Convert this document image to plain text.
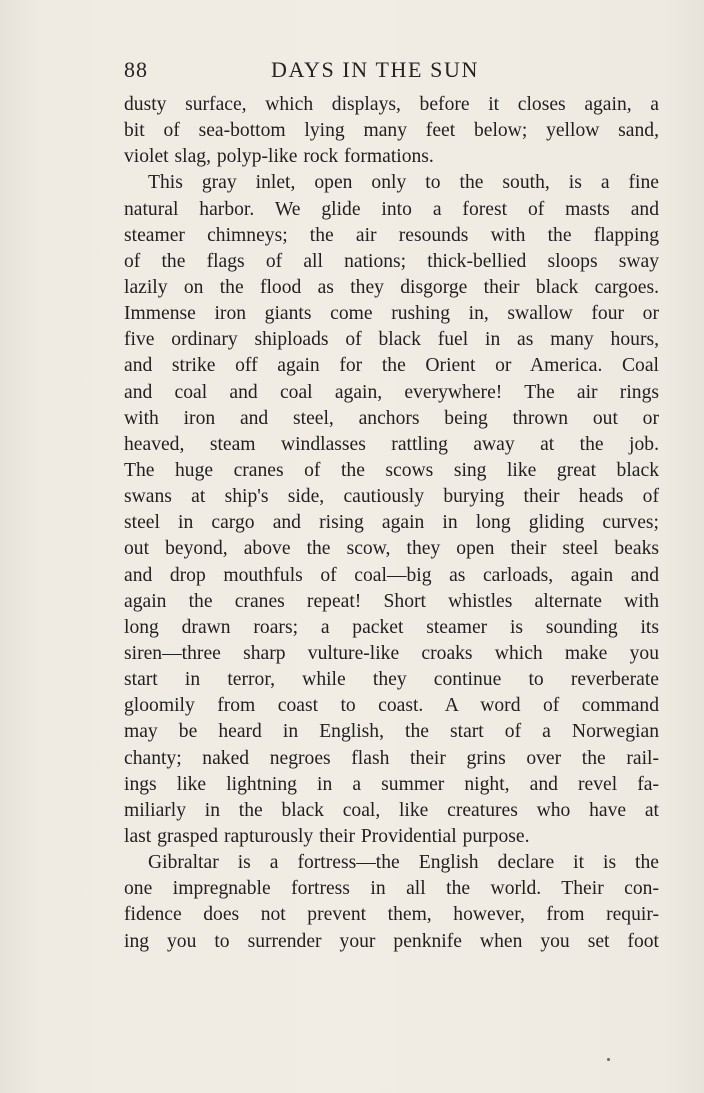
88	DAYS IN THE SUN
dusty surface, which displays, before it closes again, a
bit of sea-bottom lying many feet below; yellow sand,
violet slag, polyp-like rock formations.
This gray inlet, open only to the south, is a fine
natural harbor. We glide into a forest of masts and
steamer chimneys; the air resounds with the flapping
of the flags of all nations; thick-bellied sloops sway
lazily on the flood as they disgorge their black cargoes.
Immense iron giants come rushing in, swallow four or
five ordinary shiploads of black fuel in as many hours,
and strike off again for the Orient or America. Coal
and coal and coal again, everywhere! The air rings
with iron and steel, anchors being thrown out or
heaved, steam windlasses rattling away at the job.
The huge cranes of the scows sing like great black
swans at ship's side, cautiously burying their heads of
steel in cargo and rising again in long gliding curves;
out beyond, above the scow, they open their steel beaks
and drop mouthfuls of coal—big as carloads, again and
again the cranes repeat! Short whistles alternate with
long drawn roars; a packet steamer is sounding its
siren—three sharp vulture-like croaks which make you
start in terror, while they continue to reverberate
gloomily from coast to coast. A word of command
may be heard in English, the start of a Norwegian
chanty; naked negroes flash their grins over the rail-
ings like lightning in a summer night, and revel fa-
miliarly in the black coal, like creatures who have at
last grasped rapturously their Providential purpose.
Gibraltar is a fortress—the English declare it is the
one impregnable fortress in all the world. Their con-
fidence does not prevent them, however, from requir-
ing you to surrender your penknife when you set foot
